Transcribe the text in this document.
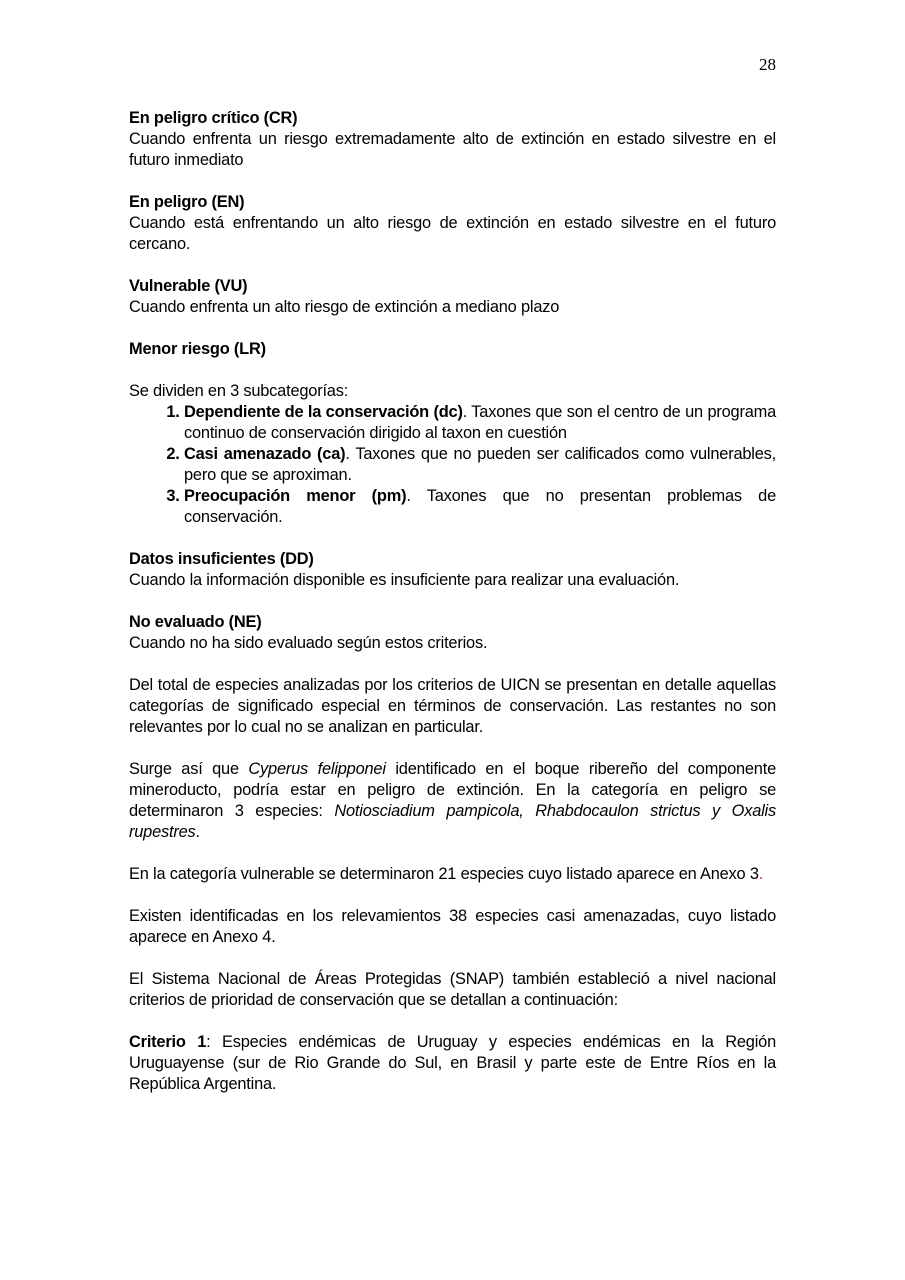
28
En peligro crítico (CR)

Cuando enfrenta un riesgo extremadamente alto de extinción en estado silvestre en el futuro inmediato

En peligro (EN)

Cuando está enfrentando un alto riesgo de extinción en estado silvestre en el futuro cercano.

Vulnerable (VU)

Cuando enfrenta un alto riesgo de extinción a mediano plazo

Menor riesgo (LR)

Se dividen en 3 subcategorías:

1. Dependiente de la conservación (dc). Taxones que son el centro de un programa continuo de conservación dirigido al taxon en cuestión
2. Casi amenazado (ca). Taxones que no pueden ser calificados como vulnerables, pero que se aproximan.
3. Preocupación menor (pm). Taxones que no presentan problemas de conservación.
Datos insuficientes (DD)

Cuando la información disponible es insuficiente para realizar una evaluación.

No evaluado (NE)

Cuando no ha sido evaluado según estos criterios.

Del total de especies analizadas por los criterios de UICN se presentan en detalle aquellas categorías de significado especial en términos de conservación. Las restantes no son relevantes por lo cual no se analizan en particular.

Surge así que Cyperus felipponei identificado en el boque ribereño del componente mineroducto, podría estar en peligro de extinción. En la categoría en peligro se determinaron 3 especies: Notiosciadium pampicola, Rhabdocaulon strictus y Oxalis rupestres.

En la categoría vulnerable se determinaron 21 especies cuyo listado aparece en Anexo 3.

Existen identificadas en los relevamientos 38 especies casi amenazadas, cuyo listado aparece en Anexo 4.

El Sistema Nacional de Áreas Protegidas (SNAP) también estableció a nivel nacional criterios de prioridad de conservación que se detallan a continuación:

Criterio 1: Especies endémicas de Uruguay y especies endémicas en la Región Uruguayense (sur de Rio Grande do Sul, en Brasil y parte este de Entre Ríos en la República Argentina.
